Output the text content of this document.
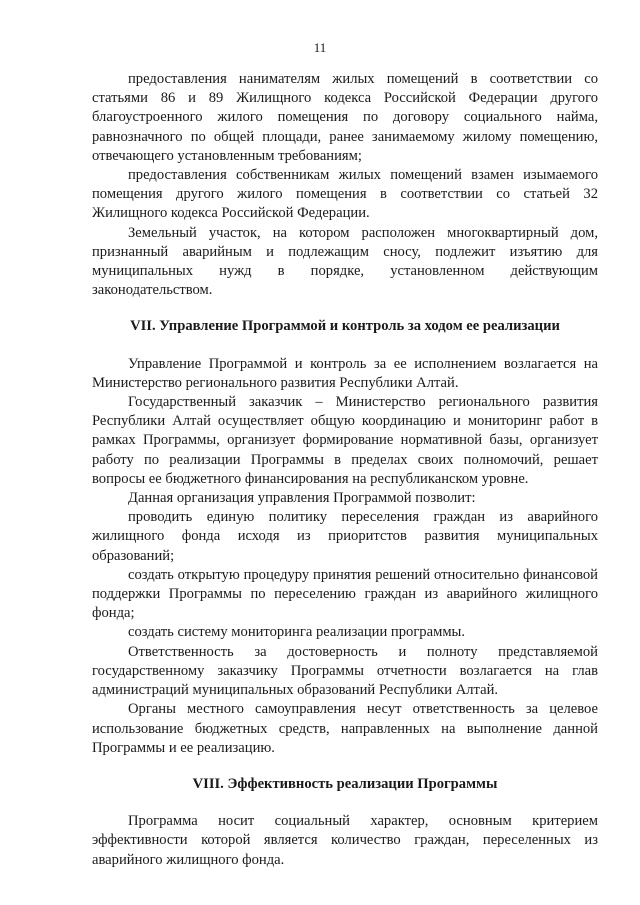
11

предоставления нанимателям жилых помещений в соответствии со статьями 86 и 89 Жилищного кодекса Российской Федерации другого благоустроенного жилого помещения по договору социального найма, равнозначного по общей площади, ранее занимаемому жилому помещению, отвечающего установленным требованиям;

предоставления собственникам жилых помещений взамен изымаемого помещения другого жилого помещения в соответствии со статьей 32 Жилищного кодекса Российской Федерации.

Земельный участок, на котором расположен многоквартирный дом, признанный аварийным и подлежащим сносу, подлежит изъятию для муниципальных нужд в порядке, установленном действующим законодательством.

VII. Управление Программой и контроль за ходом ее реализации

Управление Программой и контроль за ее исполнением возлагается на Министерство регионального развития Республики Алтай.

Государственный заказчик – Министерство регионального развития Республики Алтай осуществляет общую координацию и мониторинг работ в рамках Программы, организует формирование нормативной базы, организует работу по реализации Программы в пределах своих полномочий, решает вопросы ее бюджетного финансирования на республиканском уровне.

Данная организация управления Программой позволит:

проводить единую политику переселения граждан из аварийного жилищного фонда исходя из приоритстов развития муниципальных образований;

создать открытую процедуру принятия решений относительно финансовой поддержки Программы по переселению граждан из аварийного жилищного фонда;

создать систему мониторинга реализации программы.

Ответственность за достоверность и полноту представляемой государственному заказчику Программы отчетности возлагается на глав администраций муниципальных образований Республики Алтай.

Органы местного самоуправления несут ответственность за целевое использование бюджетных средств, направленных на выполнение данной Программы и ее реализацию.

VIII. Эффективность реализации Программы

Программа носит социальный характер, основным критерием эффективности которой является количество граждан, переселенных из аварийного жилищного фонда.
